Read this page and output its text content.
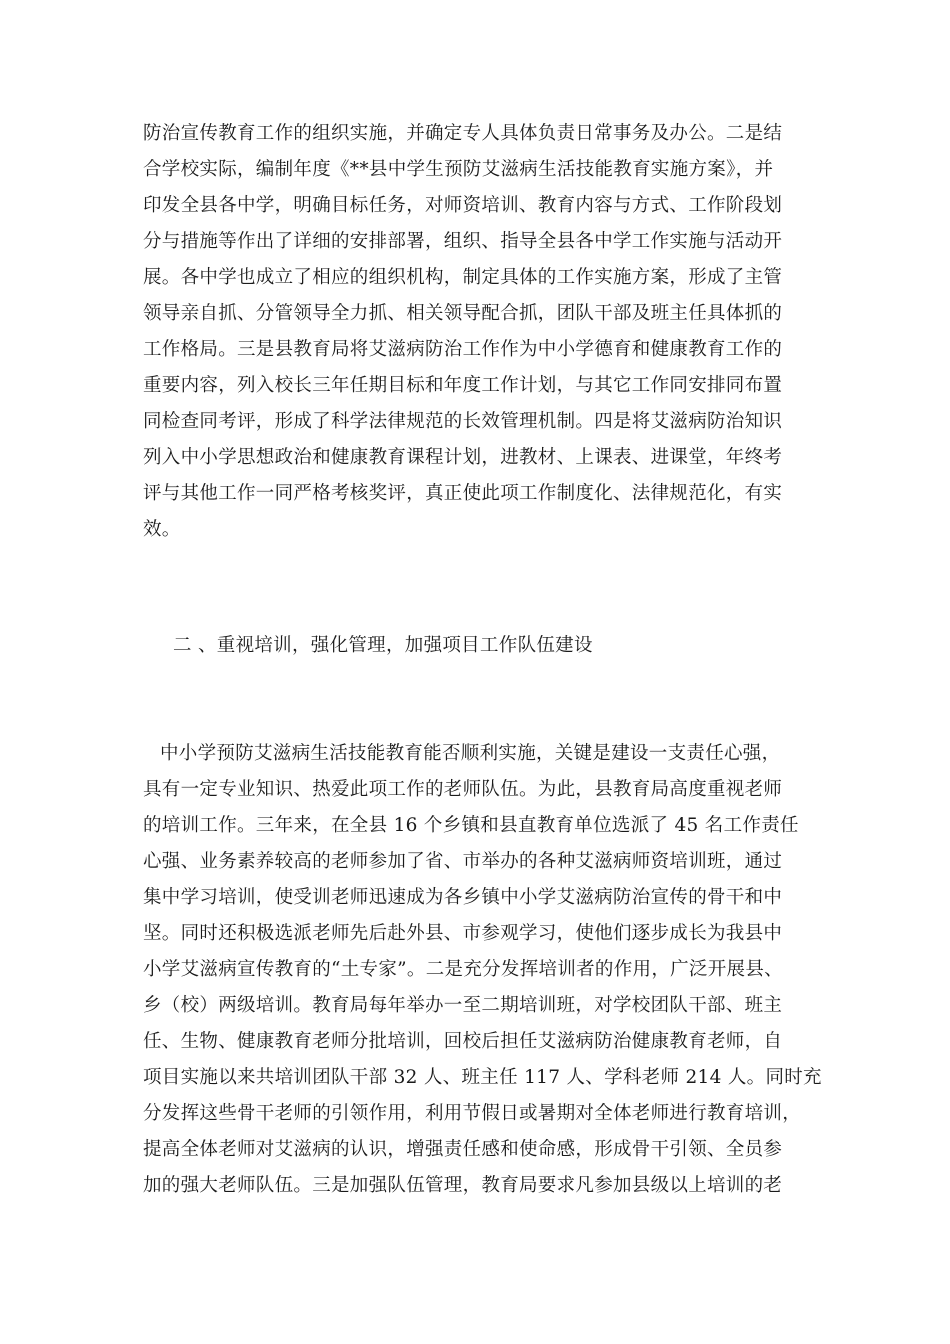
防治宣传教育工作的组织实施，并确定专人具体负责日常事务及办公。二是结
合学校实际，编制年度《**县中学生预防艾滋病生活技能教育实施方案》，并
印发全县各中学，明确目标任务，对师资培训、教育内容与方式、工作阶段划
分与措施等作出了详细的安排部署，组织、指导全县各中学工作实施与活动开
展。各中学也成立了相应的组织机构，制定具体的工作实施方案，形成了主管
领导亲自抓、分管领导全力抓、相关领导配合抓，团队干部及班主任具体抓的
工作格局。三是县教育局将艾滋病防治工作作为中小学德育和健康教育工作的
重要内容，列入校长三年任期目标和年度工作计划，与其它工作同安排同布置
同检查同考评，形成了科学法律规范的长效管理机制。四是将艾滋病防治知识
列入中小学思想政治和健康教育课程计划，进教材、上课表、进课堂，年终考
评与其他工作一同严格考核奖评，真正使此项工作制度化、法律规范化，有实
效。
二 、重视培训，强化管理，加强项目工作队伍建设
中小学预防艾滋病生活技能教育能否顺利实施，关键是建设一支责任心强，
具有一定专业知识、热爱此项工作的老师队伍。为此，县教育局高度重视老师
的培训工作。三年来，在全县 16 个乡镇和县直教育单位选派了 45 名工作责任
心强、业务素养较高的老师参加了省、市举办的各种艾滋病师资培训班，通过
集中学习培训，使受训老师迅速成为各乡镇中小学艾滋病防治宣传的骨干和中
坚。同时还积极选派老师先后赴外县、市参观学习，使他们逐步成长为我县中
小学艾滋病宣传教育的“土专家”。二是充分发挥培训者的作用，广泛开展县、
乡（校）两级培训。教育局每年举办一至二期培训班，对学校团队干部、班主
任、生物、健康教育老师分批培训，回校后担任艾滋病防治健康教育老师，自
项目实施以来共培训团队干部 32 人、班主任 117 人、学科老师 214 人。同时充
分发挥这些骨干老师的引领作用，利用节假日或暑期对全体老师进行教育培训，
提高全体老师对艾滋病的认识，增强责任感和使命感，形成骨干引领、全员参
加的强大老师队伍。三是加强队伍管理，教育局要求凡参加县级以上培训的老
